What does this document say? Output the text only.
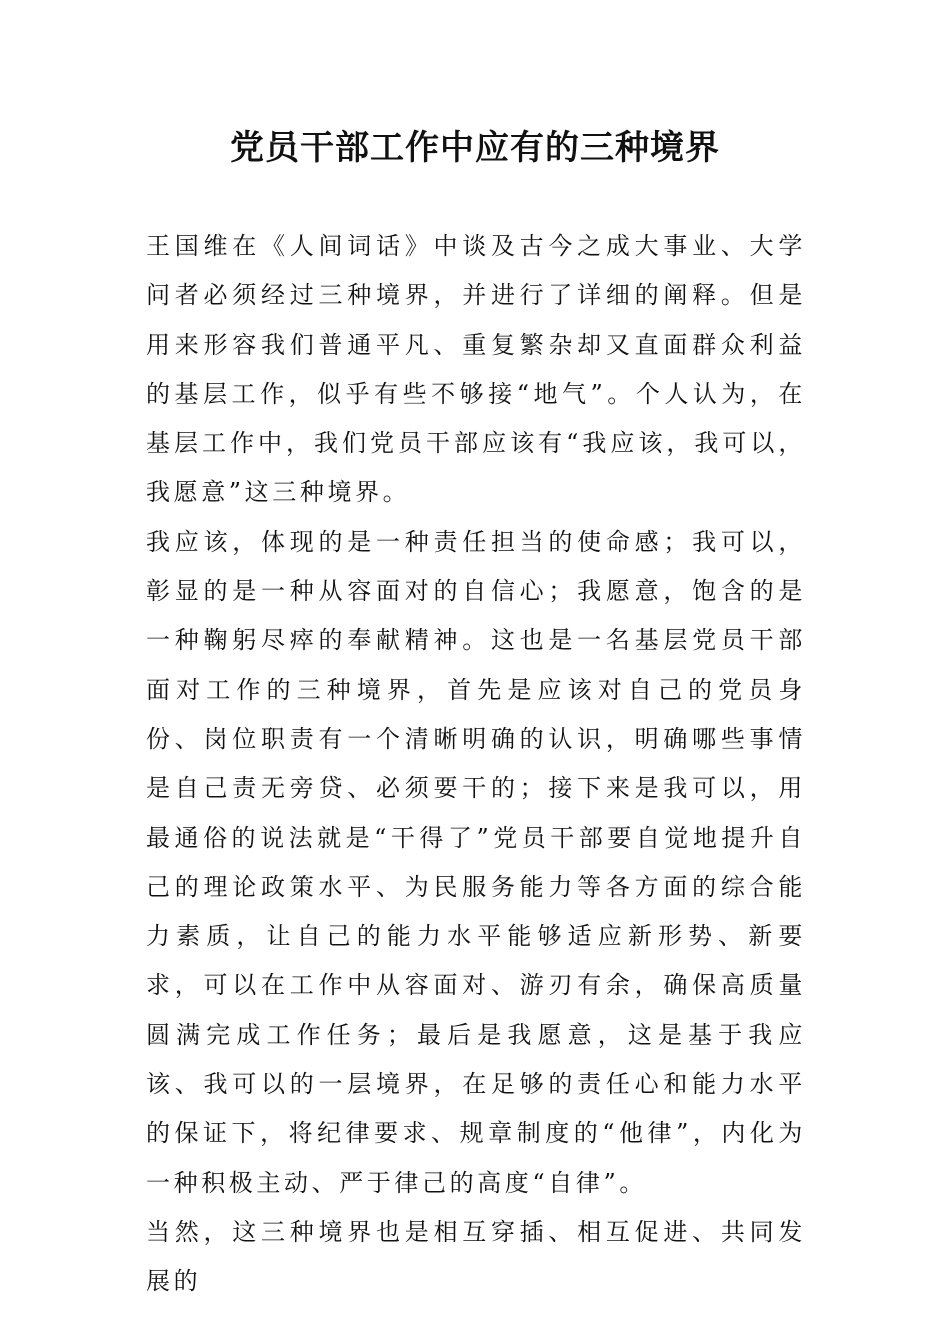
党员干部工作中应有的三种境界

王国维在《人间词话》中谈及古今之成大事业、大学问者必须经过三种境界，并进行了详细的阐释。但是用来形容我们普通平凡、重复繁杂却又直面群众利益的基层工作，似乎有些不够接“地气”。个人认为，在基层工作中，我们党员干部应该有“我应该，我可以，我愿意”这三种境界。

我应该，体现的是一种责任担当的使命感；我可以，彰显的是一种从容面对的自信心；我愿意，饱含的是一种鞠躬尽瘁的奉献精神。这也是一名基层党员干部面对工作的三种境界，首先是应该对自己的党员身份、岗位职责有一个清晰明确的认识，明确哪些事情是自己责无旁贷、必须要干的；接下来是我可以，用最通俗的说法就是“干得了”党员干部要自觉地提升自己的理论政策水平、为民服务能力等各方面的综合能力素质，让自己的能力水平能够适应新形势、新要求，可以在工作中从容面对、游刃有余，确保高质量圆满完成工作任务；最后是我愿意，这是基于我应该、我可以的一层境界，在足够的责任心和能力水平的保证下，将纪律要求、规章制度的“他律”，内化为一种积极主动、严于律己的高度“自律”。

当然，这三种境界也是相互穿插、相互促进、共同发展的
